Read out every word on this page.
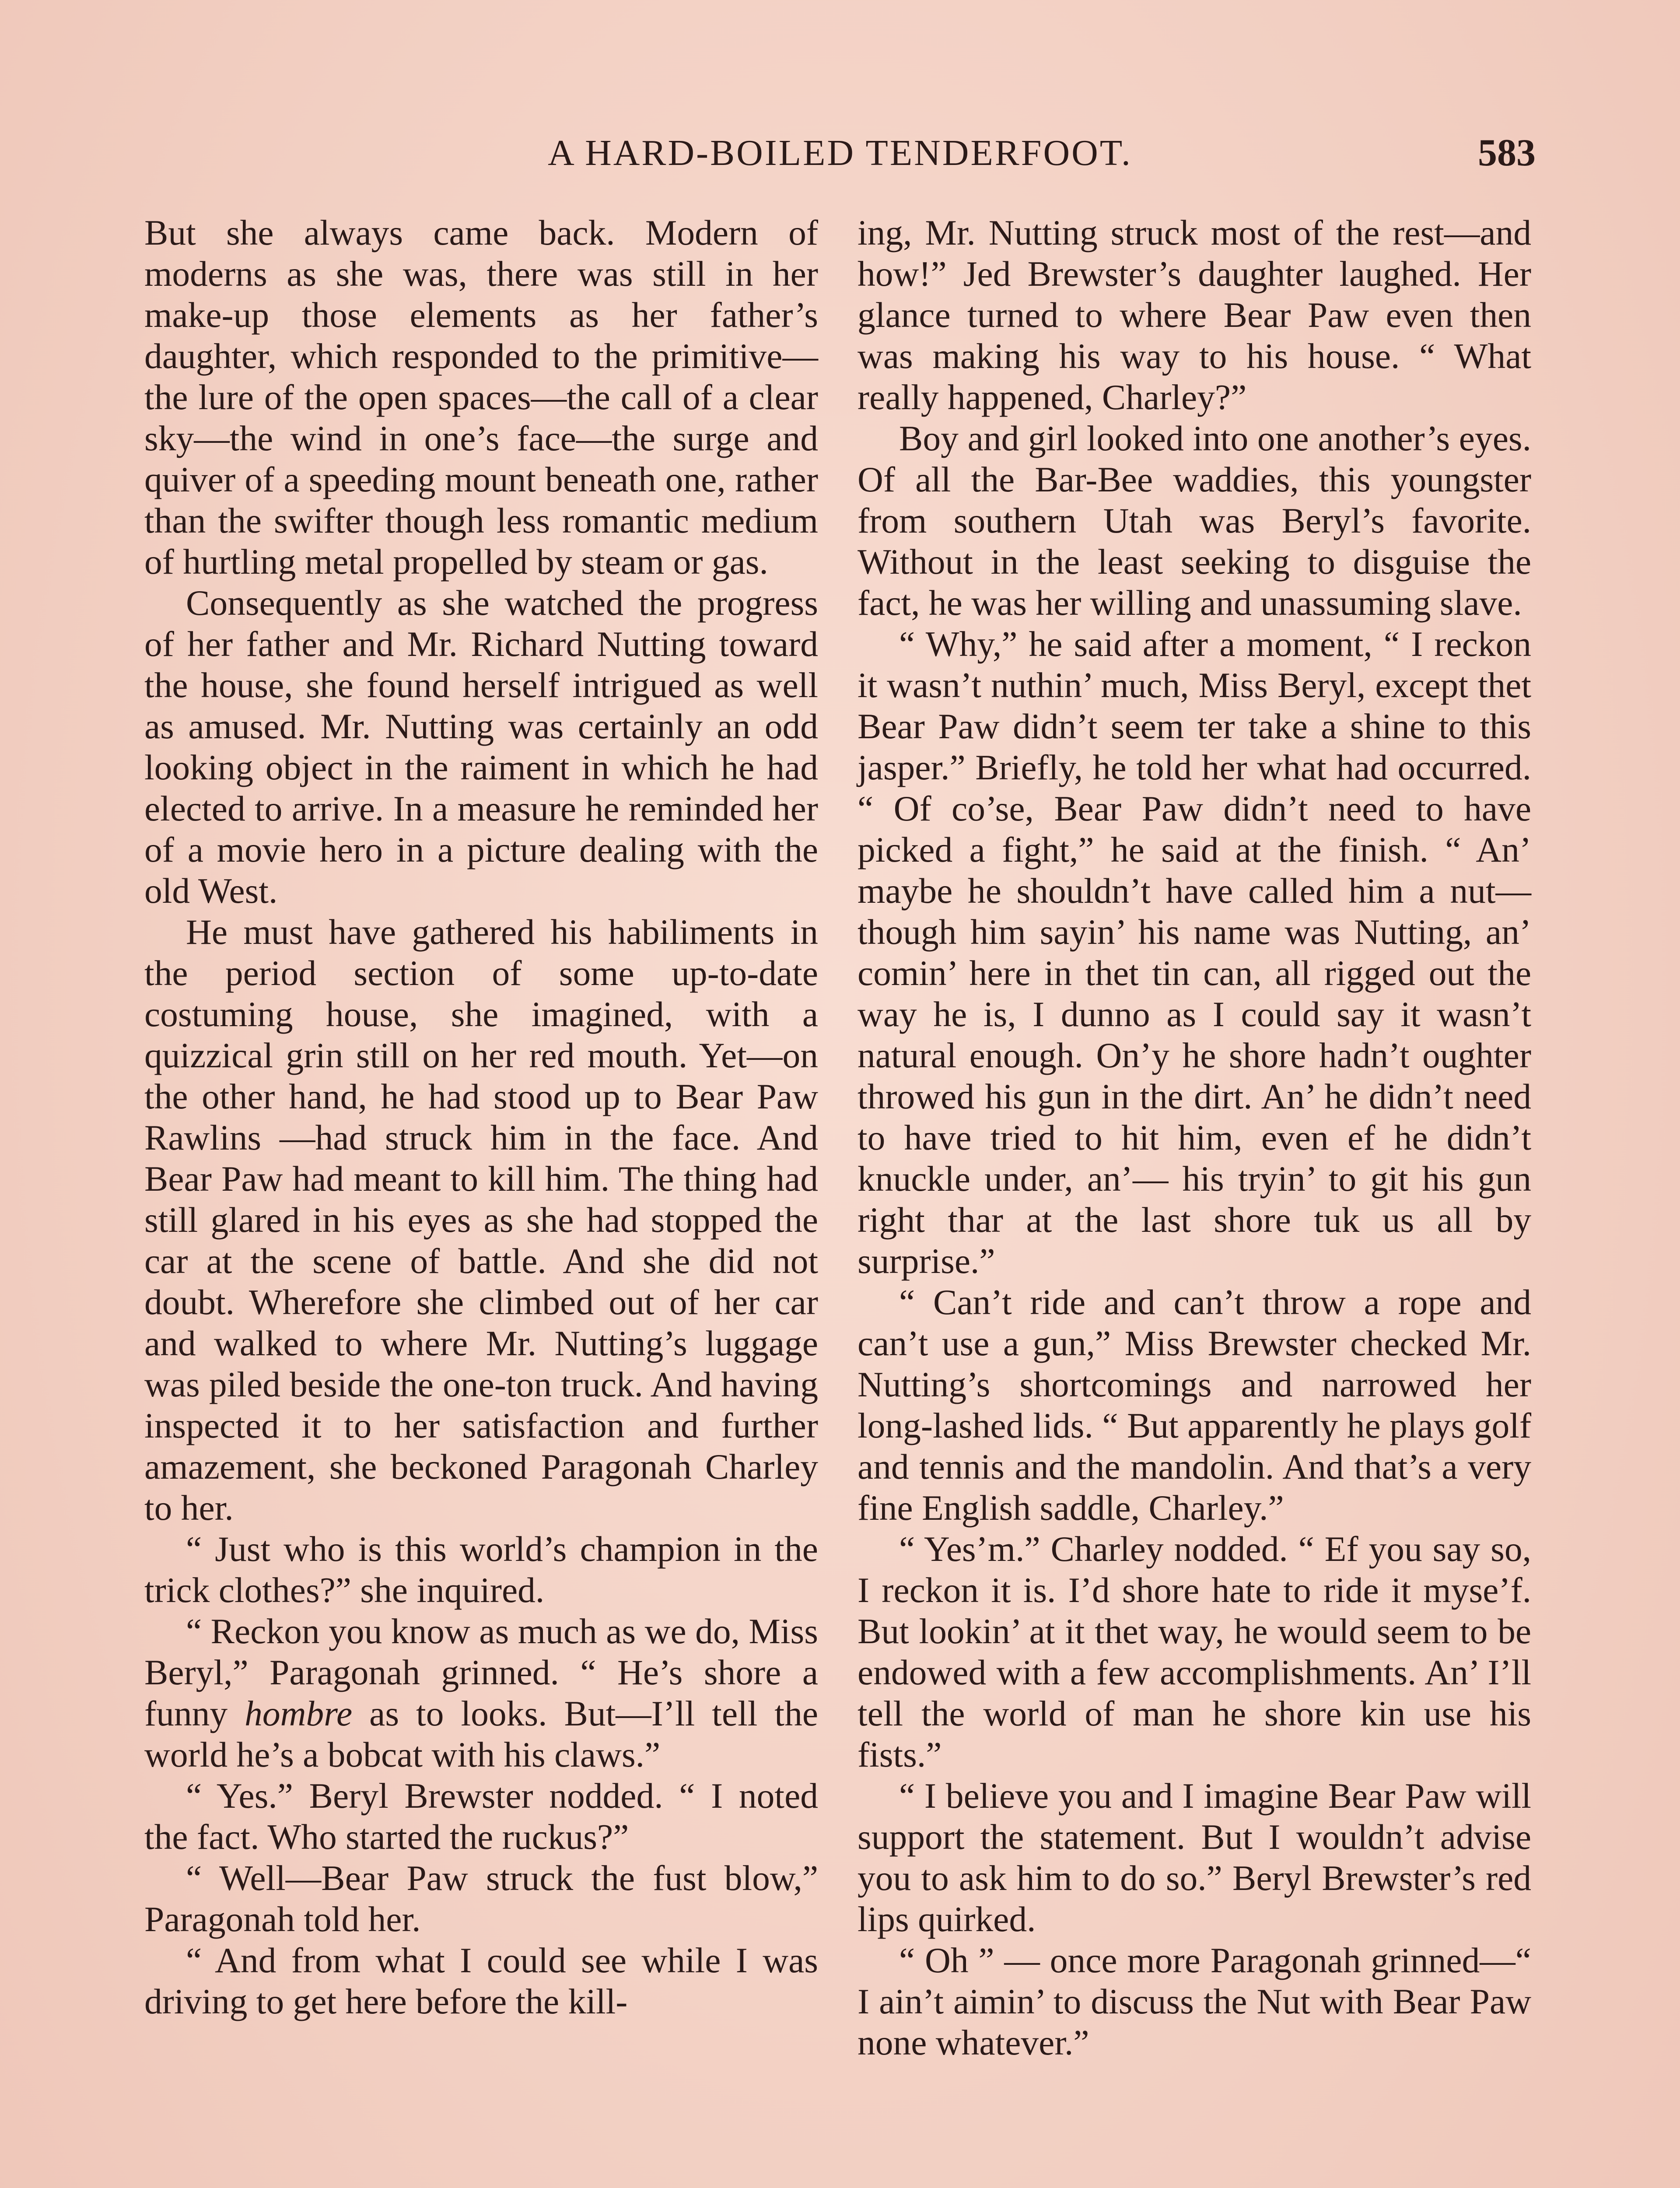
A HARD-BOILED TENDERFOOT.	583

But she always came back. Modern of moderns as she was, there was still in her make-up those elements as her father’s daughter, which responded to the primitive—the lure of the open spaces—the call of a clear sky—the wind in one’s face—the surge and quiver of a speeding mount beneath one, rather than the swifter though less romantic medium of hurtling metal propelled by steam or gas.

Consequently as she watched the progress of her father and Mr. Richard Nutting toward the house, she found herself intrigued as well as amused. Mr. Nutting was certainly an odd looking object in the raiment in which he had elected to arrive. In a measure he reminded her of a movie hero in a picture dealing with the old West.

He must have gathered his habiliments in the period section of some up-to-date costuming house, she imagined, with a quizzical grin still on her red mouth. Yet—on the other hand, he had stood up to Bear Paw Rawlins —had struck him in the face. And Bear Paw had meant to kill him. The thing had still glared in his eyes as she had stopped the car at the scene of battle. And she did not doubt. Wherefore she climbed out of her car and walked to where Mr. Nutting’s luggage was piled beside the one-ton truck. And having inspected it to her satisfaction and further amazement, she beckoned Paragonah Charley to her.

“ Just who is this world’s champion in the trick clothes?” she inquired.

“ Reckon you know as much as we do, Miss Beryl,” Paragonah grinned. “ He’s shore a funny hombre as to looks. But—I’ll tell the world he’s a bobcat with his claws.”

“ Yes.” Beryl Brewster nodded. “ I noted the fact. Who started the ruckus?”

“ Well—Bear Paw struck the fust blow,” Paragonah told her.

“ And from what I could see while I was driving to get here before the kill-

ing, Mr. Nutting struck most of the rest—and how!” Jed Brewster’s daughter laughed. Her glance turned to where Bear Paw even then was making his way to his house. “ What really happened, Charley?”

Boy and girl looked into one another’s eyes. Of all the Bar-Bee waddies, this youngster from southern Utah was Beryl’s favorite. Without in the least seeking to disguise the fact, he was her willing and unassuming slave.

“ Why,” he said after a moment, “ I reckon it wasn’t nuthin’ much, Miss Beryl, except thet Bear Paw didn’t seem ter take a shine to this jasper.” Briefly, he told her what had occurred. “ Of co’se, Bear Paw didn’t need to have picked a fight,” he said at the finish. “ An’ maybe he shouldn’t have called him a nut—though him sayin’ his name was Nutting, an’ comin’ here in thet tin can, all rigged out the way he is, I dunno as I could say it wasn’t natural enough. On’y he shore hadn’t oughter throwed his gun in the dirt. An’ he didn’t need to have tried to hit him, even ef he didn’t knuckle under, an’— his tryin’ to git his gun right thar at the last shore tuk us all by surprise.”

“ Can’t ride and can’t throw a rope and can’t use a gun,” Miss Brewster checked Mr. Nutting’s shortcomings and narrowed her long-lashed lids. “ But apparently he plays golf and tennis and the mandolin. And that’s a very fine English saddle, Charley.”

“ Yes’m.” Charley nodded. “ Ef you say so, I reckon it is. I’d shore hate to ride it myse’f. But lookin’ at it thet way, he would seem to be endowed with a few accomplishments. An’ I’ll tell the world of man he shore kin use his fists.”

“ I believe you and I imagine Bear Paw will support the statement. But I wouldn’t advise you to ask him to do so.” Beryl Brewster’s red lips quirked.

“ Oh ” — once more Paragonah grinned—“ I ain’t aimin’ to discuss the Nut with Bear Paw none whatever.”
